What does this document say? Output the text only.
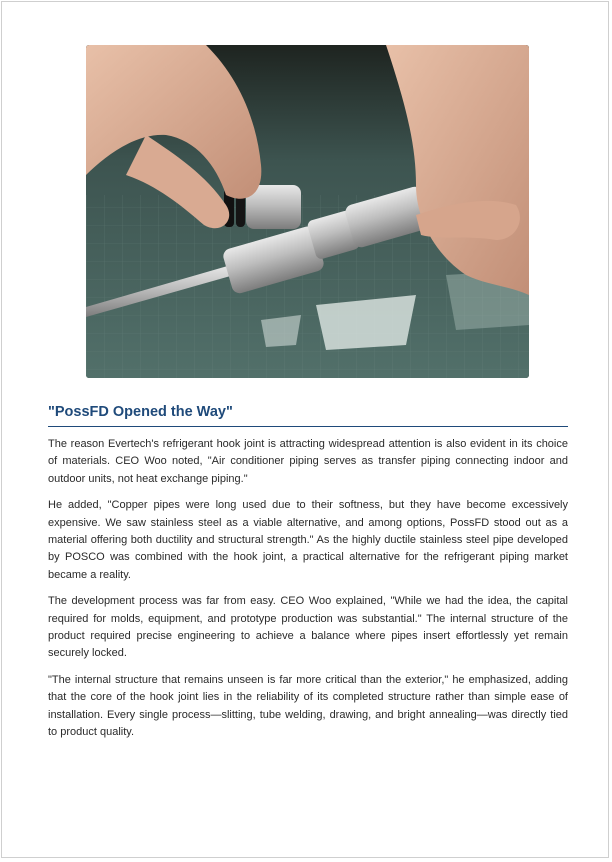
"PossFD Opened the Way"

The reason Evertech's refrigerant hook joint is attracting widespread attention is also evident in its choice of materials. CEO Woo noted, "Air conditioner piping serves as transfer piping connecting indoor and outdoor units, not heat exchange piping."

He added, "Copper pipes were long used due to their softness, but they have become excessively expensive. We saw stainless steel as a viable alternative, and among options, PossFD stood out as a material offering both ductility and structural strength." As the highly ductile stainless steel pipe developed by POSCO was combined with the hook joint, a practical alternative for the refrigerant piping market became a reality.

The development process was far from easy. CEO Woo explained, "While we had the idea, the capital required for molds, equipment, and prototype production was substantial." The internal structure of the product required precise engineering to achieve a balance where pipes insert effortlessly yet remain securely locked.

"The internal structure that remains unseen is far more critical than the exterior," he emphasized, adding that the core of the hook joint lies in the reliability of its completed structure rather than simple ease of installation. Every single process—slitting, tube welding, drawing, and bright annealing—was directly tied to product quality.
